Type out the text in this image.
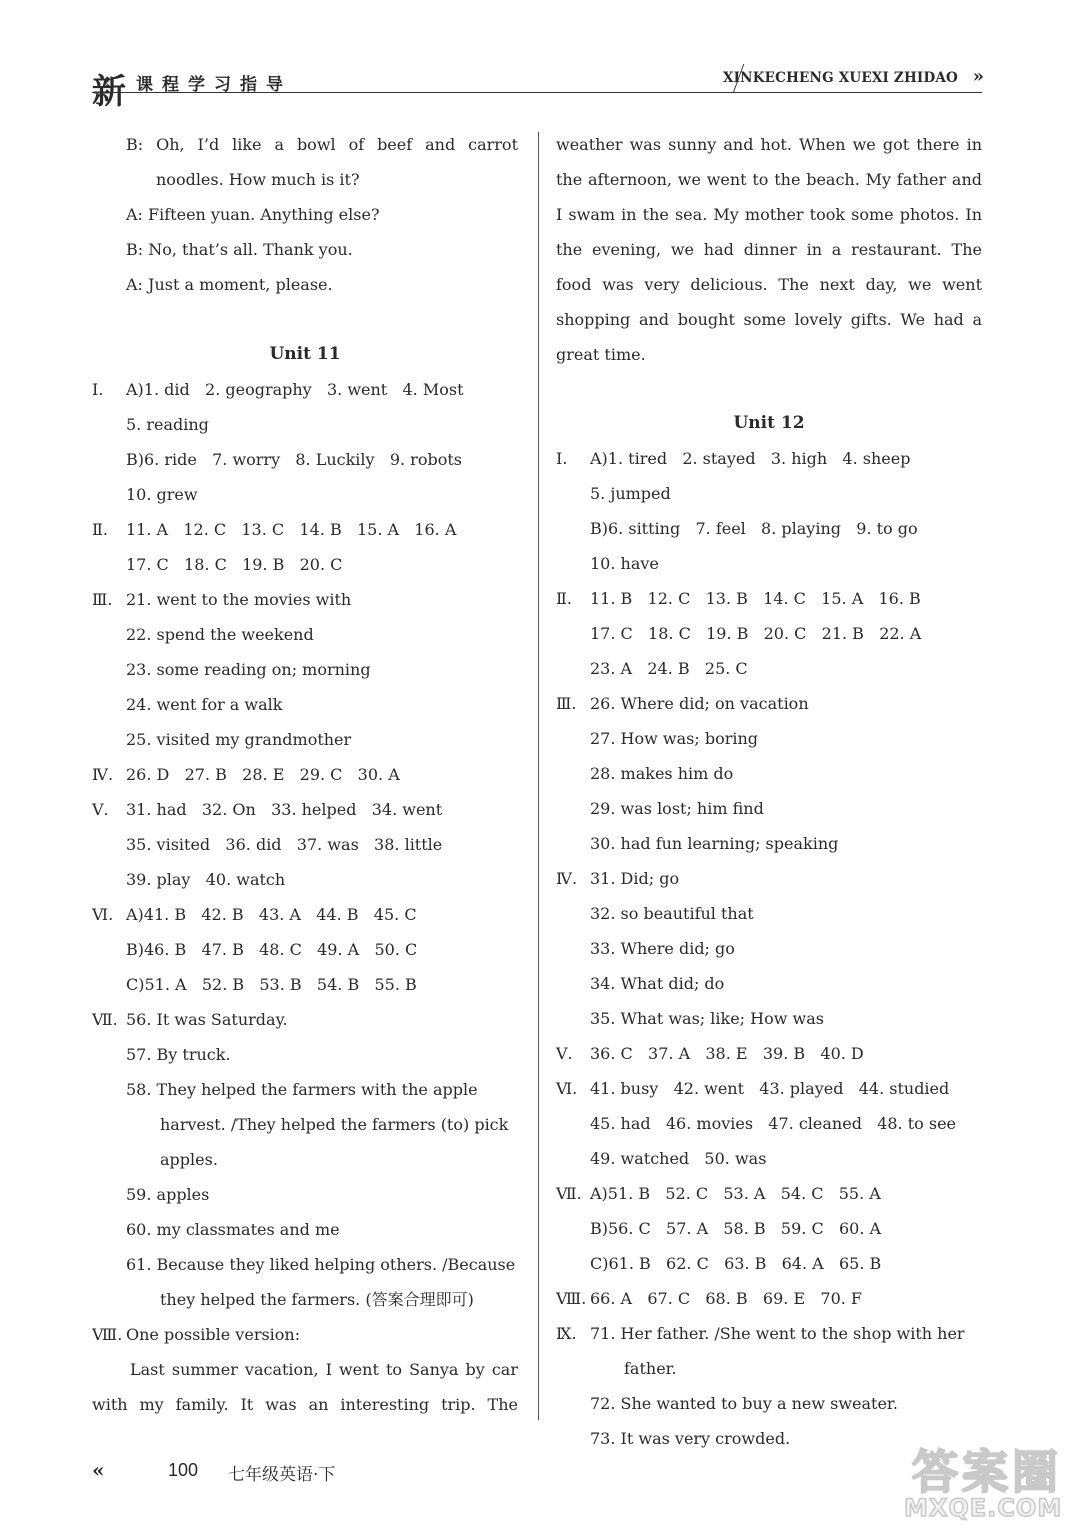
新 课程学习指导	XINKECHENG XUEXI ZHIDAO »
B: Oh, I’d like a bowl of beef and carrot
noodles. How much is it?
A: Fifteen yuan. Anything else?
B: No, that’s all. Thank you.
A: Just a moment, please.
Unit 11
Ⅰ. A)1. did   2. geography   3. went   4. Most
5. reading
B)6. ride   7. worry   8. Luckily   9. robots
10. grew
Ⅱ. 11. A   12. C   13. C   14. B   15. A   16. A
17. C   18. C   19. B   20. C
Ⅲ. 21. went to the movies with
22. spend the weekend
23. some reading on; morning
24. went for a walk
25. visited my grandmother
Ⅳ. 26. D   27. B   28. E   29. C   30. A
Ⅴ. 31. had   32. On   33. helped   34. went
35. visited   36. did   37. was   38. little
39. play   40. watch
Ⅵ. A)41. B   42. B   43. A   44. B   45. C
B)46. B   47. B   48. C   49. A   50. C
C)51. A   52. B   53. B   54. B   55. B
Ⅶ. 56. It was Saturday.
57. By truck.
58. They helped the farmers with the apple
harvest. /They helped the farmers (to) pick
apples.
59. apples
60. my classmates and me
61. Because they liked helping others. /Because
they helped the farmers. (答案合理即可)
Ⅷ. One possible version:
Last summer vacation, I went to Sanya by car
with my family. It was an interesting trip. The
weather was sunny and hot. When we got there in
the afternoon, we went to the beach. My father and
I swam in the sea. My mother took some photos. In
the evening, we had dinner in a restaurant. The
food was very delicious. The next day, we went
shopping and bought some lovely gifts. We had a
great time.
Unit 12
Ⅰ. A)1. tired   2. stayed   3. high   4. sheep
5. jumped
B)6. sitting   7. feel   8. playing   9. to go
10. have
Ⅱ. 11. B   12. C   13. B   14. C   15. A   16. B
17. C   18. C   19. B   20. C   21. B   22. A
23. A   24. B   25. C
Ⅲ. 26. Where did; on vacation
27. How was; boring
28. makes him do
29. was lost; him find
30. had fun learning; speaking
Ⅳ. 31. Did; go
32. so beautiful that
33. Where did; go
34. What did; do
35. What was; like; How was
Ⅴ. 36. C   37. A   38. E   39. B   40. D
Ⅵ. 41. busy   42. went   43. played   44. studied
45. had   46. movies   47. cleaned   48. to see
49. watched   50. was
Ⅶ. A)51. B   52. C   53. A   54. C   55. A
B)56. C   57. A   58. B   59. C   60. A
C)61. B   62. C   63. B   64. A   65. B
Ⅷ. 66. A   67. C   68. B   69. E   70. F
Ⅸ. 71. Her father. /She went to the shop with her
father.
72. She wanted to buy a new sweater.
73. It was very crowded.
«	100 七年级英语·下	答案圈
MXQE.COM
